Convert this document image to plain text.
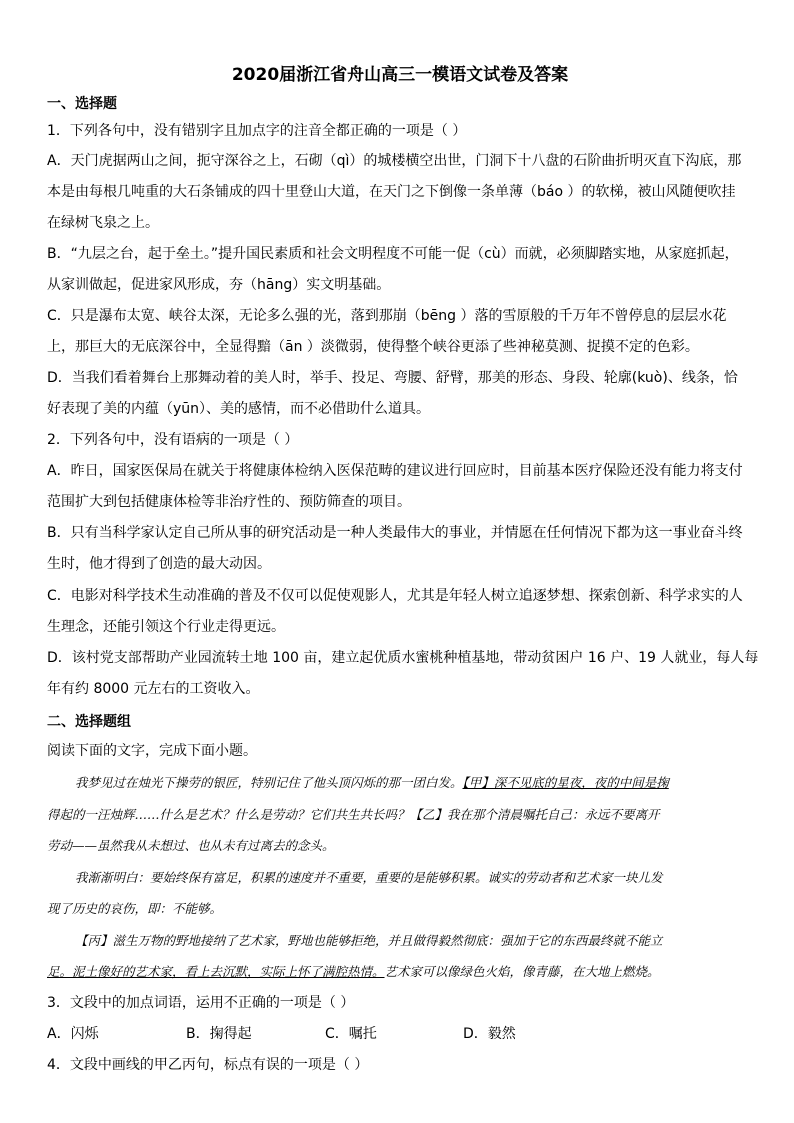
2020届浙江省舟山高三一模语文试卷及答案
一、选择题
1．下列各句中，没有错别字且加点字的注音全都正确的一项是（ ）
A．天门虎据两山之间，扼守深谷之上，石砌（qì）的城楼横空出世，门洞下十八盘的石阶曲折明灭直下沟底，那
本是由每根几吨重的大石条铺成的四十里登山大道，在天门之下倒像一条单薄（báo ）的软梯，被山风随便吹挂
在绿树飞泉之上。
B．“九层之台，起于垒土。”提升国民素质和社会文明程度不可能一促（cù）而就，必须脚踏实地，从家庭抓起，
从家训做起，促进家风形成，夯（hāng）实文明基础。
C．只是瀑布太宽、峡谷太深，无论多么强的光，落到那崩（bēng ）落的雪原般的千万年不曾停息的层层水花
上，那巨大的无底深谷中，全显得黯（ān ）淡微弱，使得整个峡谷更添了些神秘莫测、捉摸不定的色彩。
D．当我们看着舞台上那舞动着的美人时，举手、投足、弯腰、舒臂，那美的形态、身段、轮廓(kuò)、线条，恰
好表现了美的内蕴（yūn）、美的感情，而不必借助什么道具。
2．下列各句中，没有语病的一项是（ ）
A．昨日，国家医保局在就关于将健康体检纳入医保范畴的建议进行回应时，目前基本医疗保险还没有能力将支付
范围扩大到包括健康体检等非治疗性的、预防筛查的项目。
B．只有当科学家认定自己所从事的研究活动是一种人类最伟大的事业，并情愿在任何情况下都为这一事业奋斗终
生时，他才得到了创造的最大动因。
C．电影对科学技术生动准确的普及不仅可以促使观影人，尤其是年轻人树立追逐梦想、探索创新、科学求实的人
生理念，还能引领这个行业走得更远。
D．该村党支部帮助产业园流转土地 100 亩，建立起优质水蜜桃种植基地，带动贫困户 16 户、19 人就业，每人每
年有约 8000 元左右的工资收入。
二、选择题组
阅读下面的文字，完成下面小题。
我梦见过在烛光下操劳的银匠，特别记住了他头顶闪烁的那一团白发。【甲】深不见底的星夜，夜的中间是掬
得起的一汪烛辉……什么是艺术？什么是劳动？它们共生共长吗？【乙】我在那个清晨嘱托自己：永远不要离开
劳动——虽然我从未想过、也从未有过离去的念头。
我渐渐明白：要始终保有富足，积累的速度并不重要，重要的是能够积累。诚实的劳动者和艺术家一块儿发
现了历史的哀伤，即：不能够。
【丙】滋生万物的野地接纳了艺术家，野地也能够拒绝，并且做得毅然彻底：强加于它的东西最终就不能立
足。泥土像好的艺术家，看上去沉默，实际上怀了满腔热情。艺术家可以像绿色火焰，像青藤，在大地上燃烧。
3．文段中的加点词语，运用不正确的一项是（ ）
A．闪烁	B．掬得起	C．嘱托	D．毅然
4．文段中画线的甲乙丙句，标点有误的一项是（ ）
